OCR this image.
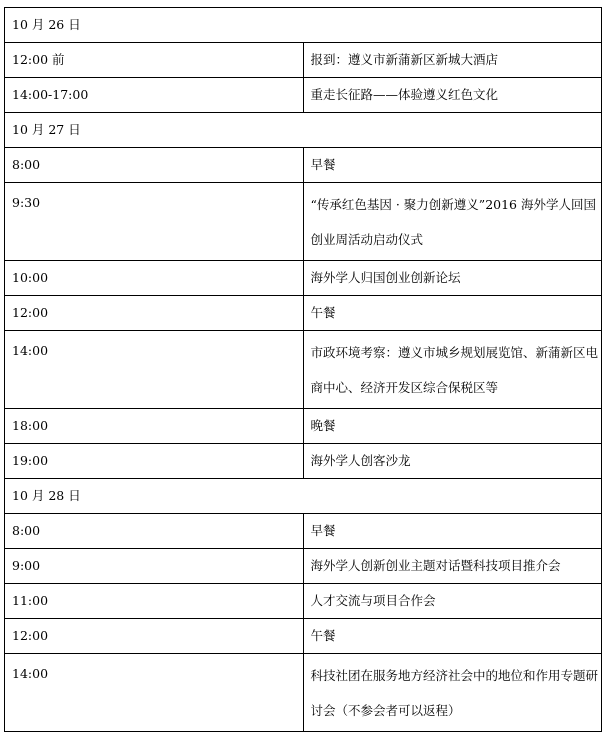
10 月 26 日	
12:00 前	报到：遵义市新蒲新区新城大酒店
14:00-17:00	重走长征路——体验遵义红色文化
10 月 27 日	
8:00	早餐
9:30	“传承红色基因 · 聚力创新遵义”2016 海外学人回国创业周活动启动仪式
10:00	海外学人归国创业创新论坛
12:00	午餐
14:00	市政环境考察：遵义市城乡规划展览馆、新蒲新区电商中心、经济开发区综合保税区等
18:00	晚餐
19:00	海外学人创客沙龙
10 月 28 日	
8:00	早餐
9:00	海外学人创新创业主题对话暨科技项目推介会
11:00	人才交流与项目合作会
12:00	午餐
14:00	科技社团在服务地方经济社会中的地位和作用专题研讨会（不参会者可以返程）
